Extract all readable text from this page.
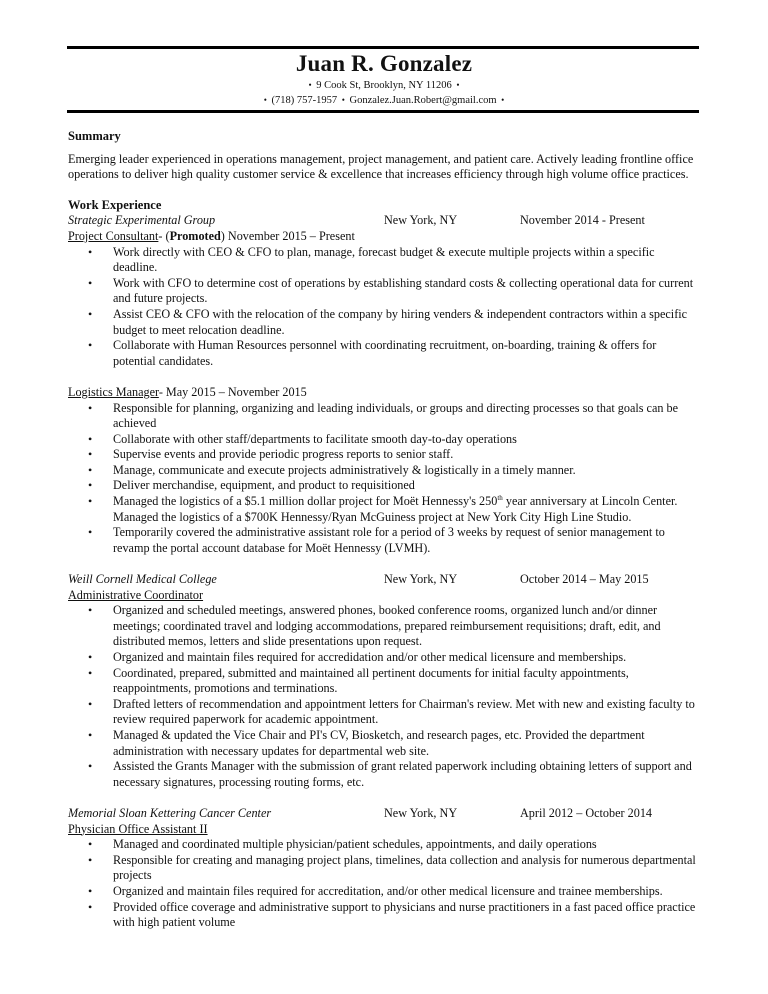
Juan R. Gonzalez
• 9 Cook St, Brooklyn, NY 11206 •
• (718) 757-1957 • Gonzalez.Juan.Robert@gmail.com •
Summary

Emerging leader experienced in operations management, project management, and patient care. Actively leading frontline office operations to deliver high quality customer service & excellence that increases efficiency through high volume office practices.

Work Experience
Strategic Experimental Group	New York, NY	November 2014 - Present
Project Consultant- (Promoted) November 2015 – Present
• Work directly with CEO & CFO to plan, manage, forecast budget & execute multiple projects within a specific deadline.
• Work with CFO to determine cost of operations by establishing standard costs & collecting operational data for current and future projects.
• Assist CEO & CFO with the relocation of the company by hiring venders & independent contractors within a specific budget to meet relocation deadline.
• Collaborate with Human Resources personnel with coordinating recruitment, on-boarding, training & offers for potential candidates.
Logistics Manager- May 2015 – November 2015
• Responsible for planning, organizing and leading individuals, or groups and directing processes so that goals can be achieved
• Collaborate with other staff/departments to facilitate smooth day-to-day operations
• Supervise events and provide periodic progress reports to senior staff.
• Manage, communicate and execute projects administratively & logistically in a timely manner.
• Deliver merchandise, equipment, and product to requisitioned
• Managed the logistics of a $5.1 million dollar project for Moët Hennessy's 250th year anniversary at Lincoln Center.
Managed the logistics of a $700K Hennessy/Ryan McGuiness project at New York City High Line Studio.
• Temporarily covered the administrative assistant role for a period of 3 weeks by request of senior management to revamp the portal account database for Moët Hennessy (LVMH).
Weill Cornell Medical College	New York, NY	October 2014 – May 2015
Administrative Coordinator
• Organized and scheduled meetings, answered phones, booked conference rooms, organized lunch and/or dinner meetings; coordinated travel and lodging accommodations, prepared reimbursement requisitions; draft, edit, and distributed memos, letters and slide presentations upon request.
• Organized and maintain files required for accredidation and/or other medical licensure and memberships.
• Coordinated, prepared, submitted and maintained all pertinent documents for initial faculty appointments, reappointments, promotions and terminations.
• Drafted letters of recommendation and appointment letters for Chairman's review. Met with new and existing faculty to review required paperwork for academic appointment.
• Managed & updated the Vice Chair and PI's CV, Biosketch, and research pages, etc. Provided the department administration with necessary updates for departmental web site.
• Assisted the Grants Manager with the submission of grant related paperwork including obtaining letters of support and necessary signatures, processing routing forms, etc.
Memorial Sloan Kettering Cancer Center	New York, NY	April 2012 – October 2014
Physician Office Assistant II
• Managed and coordinated multiple physician/patient schedules, appointments, and daily operations
• Responsible for creating and managing project plans, timelines, data collection and analysis for numerous departmental projects
• Organized and maintain files required for accreditation, and/or other medical licensure and trainee memberships.
• Provided office coverage and administrative support to physicians and nurse practitioners in a fast paced office practice with high patient volume
